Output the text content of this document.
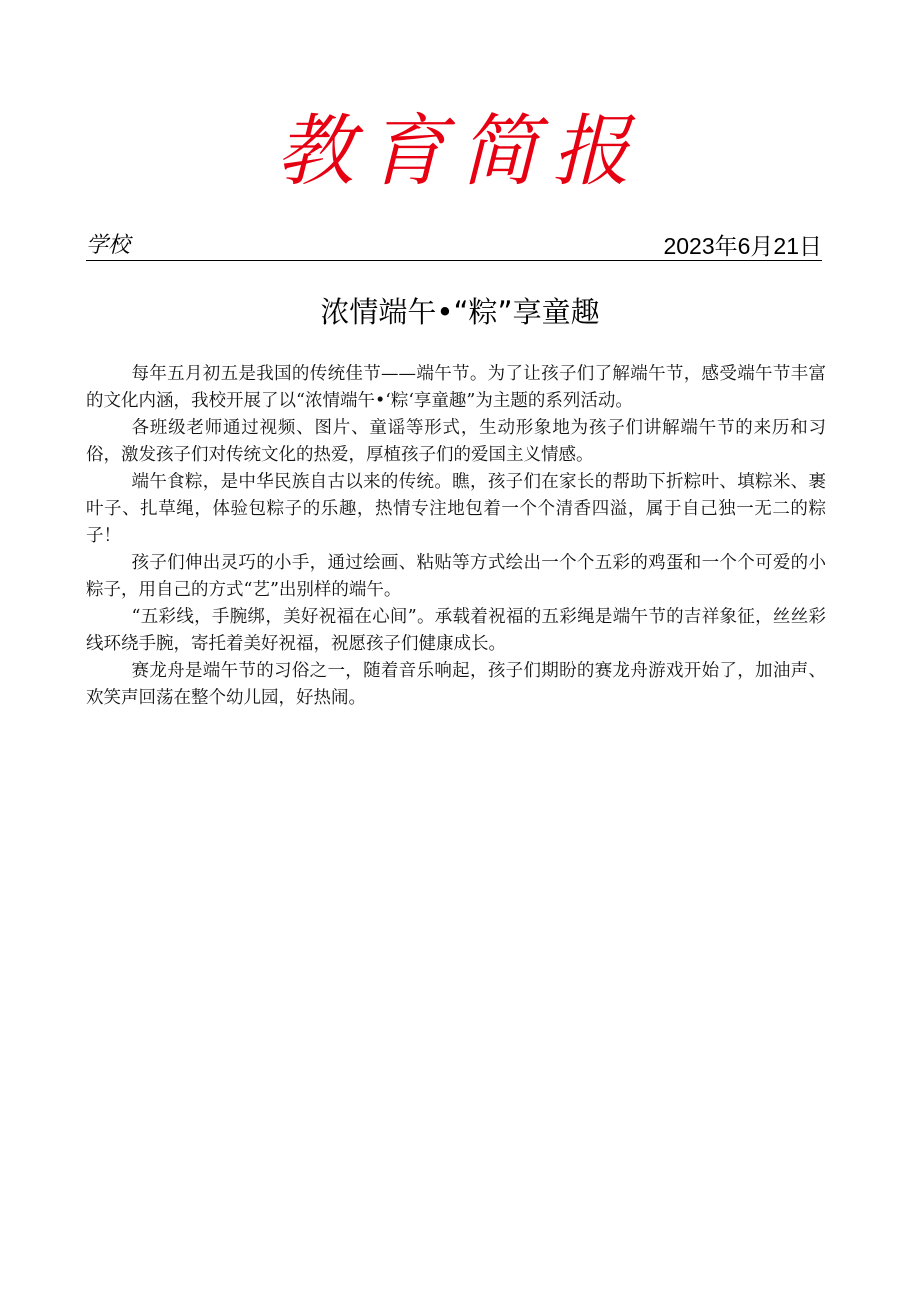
教育简报
学校	2023年6月21日
浓情端午•“粽”享童趣

每年五月初五是我国的传统佳节——端午节。为了让孩子们了解端午节，感受端午节丰富的文化内涵，我校开展了以“浓情端午•‘粽‘享童趣”为主题的系列活动。

各班级老师通过视频、图片、童谣等形式，生动形象地为孩子们讲解端午节的来历和习俗，激发孩子们对传统文化的热爱，厚植孩子们的爱国主义情感。

端午食粽，是中华民族自古以来的传统。瞧，孩子们在家长的帮助下折粽叶、填粽米、裹叶子、扎草绳，体验包粽子的乐趣，热情专注地包着一个个清香四溢，属于自己独一无二的粽子！

孩子们伸出灵巧的小手，通过绘画、粘贴等方式绘出一个个五彩的鸡蛋和一个个可爱的小粽子，用自己的方式“艺”出别样的端午。

“五彩线，手腕绑，美好祝福在心间”。承载着祝福的五彩绳是端午节的吉祥象征，丝丝彩线环绕手腕，寄托着美好祝福，祝愿孩子们健康成长。

赛龙舟是端午节的习俗之一，随着音乐响起，孩子们期盼的赛龙舟游戏开始了，加油声、欢笑声回荡在整个幼儿园，好热闹。
